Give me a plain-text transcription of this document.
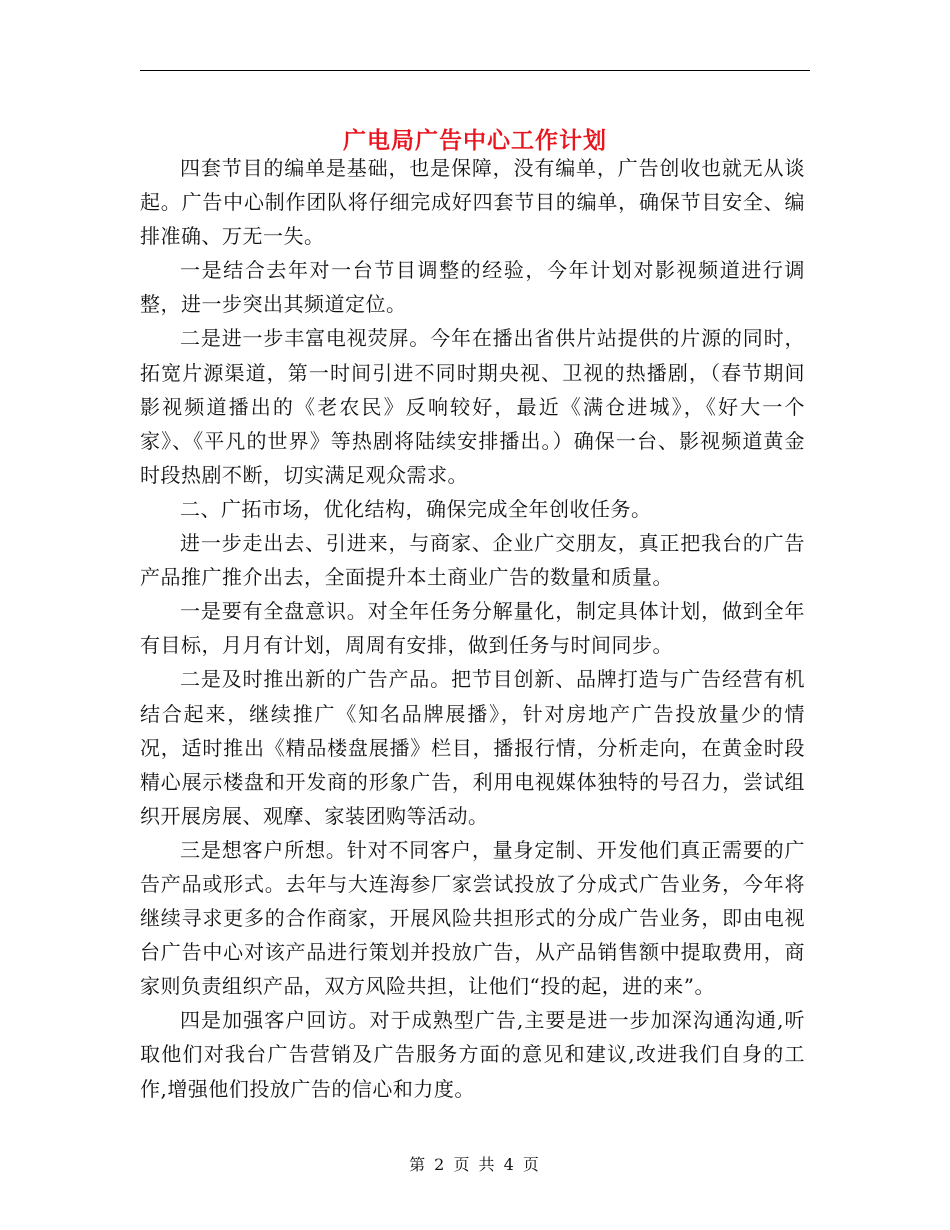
广电局广告中心工作计划

四套节目的编单是基础，也是保障，没有编单，广告创收也就无从谈起。广告中心制作团队将仔细完成好四套节目的编单，确保节目安全、编排准确、万无一失。

一是结合去年对一台节目调整的经验，今年计划对影视频道进行调整，进一步突出其频道定位。

二是进一步丰富电视荧屏。今年在播出省供片站提供的片源的同时，拓宽片源渠道，第一时间引进不同时期央视、卫视的热播剧，（春节期间影视频道播出的《老农民》反响较好，最近《满仓进城》，《好大一个家》、《平凡的世界》等热剧将陆续安排播出。）确保一台、影视频道黄金时段热剧不断，切实满足观众需求。

二、广拓市场，优化结构，确保完成全年创收任务。

进一步走出去、引进来，与商家、企业广交朋友，真正把我台的广告产品推广推介出去，全面提升本土商业广告的数量和质量。

一是要有全盘意识。对全年任务分解量化，制定具体计划，做到全年有目标，月月有计划，周周有安排，做到任务与时间同步。

二是及时推出新的广告产品。把节目创新、品牌打造与广告经营有机结合起来，继续推广《知名品牌展播》，针对房地产广告投放量少的情况，适时推出《精品楼盘展播》栏目，播报行情，分析走向，在黄金时段精心展示楼盘和开发商的形象广告，利用电视媒体独特的号召力，尝试组织开展房展、观摩、家装团购等活动。

三是想客户所想。针对不同客户，量身定制、开发他们真正需要的广告产品或形式。去年与大连海参厂家尝试投放了分成式广告业务，今年将继续寻求更多的合作商家，开展风险共担形式的分成广告业务，即由电视台广告中心对该产品进行策划并投放广告，从产品销售额中提取费用，商家则负责组织产品，双方风险共担，让他们“投的起，进的来”。

四是加强客户回访。对于成熟型广告,主要是进一步加深沟通沟通,听取他们对我台广告营销及广告服务方面的意见和建议,改进我们自身的工作,增强他们投放广告的信心和力度。

第 2 页 共 4 页
